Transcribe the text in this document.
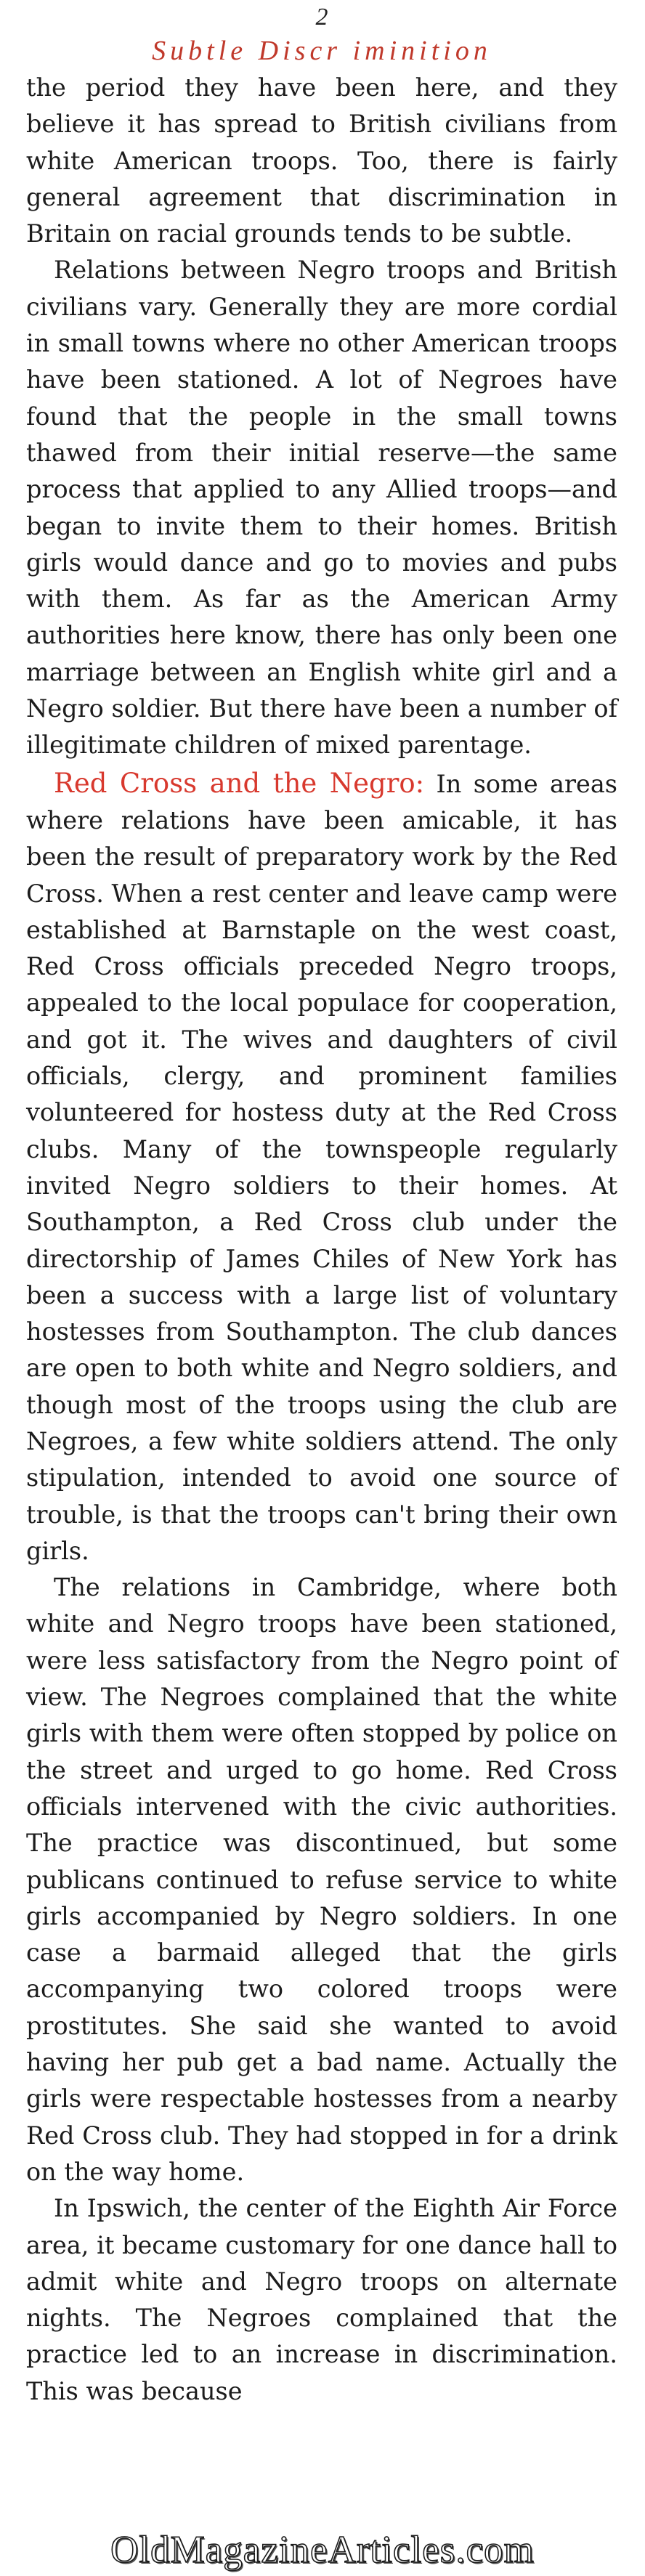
2
Subtle Discr iminition

the period they have been here, and they believe it has spread to British civilians from white American troops. Too, there is fairly general agreement that discrimination in Britain on racial grounds tends to be subtle.

Relations between Negro troops and British civilians vary. Generally they are more cordial in small towns where no other American troops have been stationed. A lot of Negroes have found that the people in the small towns thawed from their initial reserve—the same process that applied to any Allied troops—and began to invite them to their homes. British girls would dance and go to movies and pubs with them. As far as the American Army authorities here know, there has only been one marriage between an English white girl and a Negro soldier. But there have been a number of illegitimate children of mixed parentage.

Red Cross and the Negro: In some areas where relations have been amicable, it has been the result of preparatory work by the Red Cross. When a rest center and leave camp were established at Barnstaple on the west coast, Red Cross officials preceded Negro troops, appealed to the local populace for cooperation, and got it. The wives and daughters of civil officials, clergy, and prominent families volunteered for hostess duty at the Red Cross clubs. Many of the townspeople regularly invited Negro soldiers to their homes. At Southampton, a Red Cross club under the directorship of James Chiles of New York has been a success with a large list of voluntary hostesses from Southampton. The club dances are open to both white and Negro soldiers, and though most of the troops using the club are Negroes, a few white soldiers attend. The only stipulation, intended to avoid one source of trouble, is that the troops can't bring their own girls.

The relations in Cambridge, where both white and Negro troops have been stationed, were less satisfactory from the Negro point of view. The Negroes complained that the white girls with them were often stopped by police on the street and urged to go home. Red Cross officials intervened with the civic authorities. The practice was discontinued, but some publicans continued to refuse service to white girls accompanied by Negro soldiers. In one case a barmaid alleged that the girls accompanying two colored troops were prostitutes. She said she wanted to avoid having her pub get a bad name. Actually the girls were respectable hostesses from a nearby Red Cross club. They had stopped in for a drink on the way home.

In Ipswich, the center of the Eighth Air Force area, it became customary for one dance hall to admit white and Negro troops on alternate nights. The Negroes complained that the practice led to an increase in discrimination. This was because

OldMagazineArticles.com
